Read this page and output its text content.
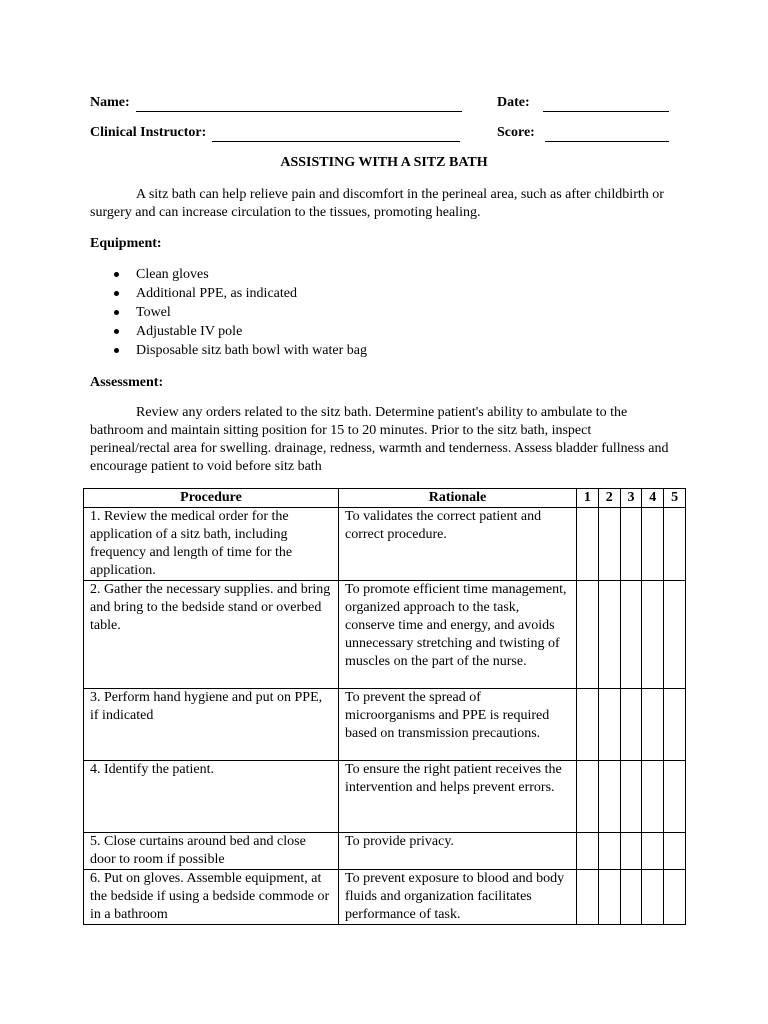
Name:	Date:
Clinical Instructor:	Score:
ASSISTING WITH A SITZ BATH

A sitz bath can help relieve pain and discomfort in the perineal area, such as after childbirth or surgery and can increase circulation to the tissues, promoting healing.

Equipment:
Clean gloves
Additional PPE, as indicated
Towel
Adjustable IV pole
Disposable sitz bath bowl with water bag
Assessment:

Review any orders related to the sitz bath. Determine patient's ability to ambulate to the bathroom and maintain sitting position for 15 to 20 minutes. Prior to the sitz bath, inspect perineal/rectal area for swelling. drainage, redness, warmth and tenderness. Assess bladder fullness and encourage patient to void before sitz bath

Procedure	Rationale	1	2	3	4	5
1. Review the medical order for the application of a sitz bath, including frequency and length of time for the application.	To validates the correct patient and correct procedure.					
2. Gather the necessary supplies. and bring and bring to the bedside stand or overbed table.	To promote efficient time management, organized approach to the task, conserve time and energy, and avoids unnecessary stretching and twisting of muscles on the part of the nurse.					
3. Perform hand hygiene and put on PPE, if indicated	To prevent the spread of microorganisms and PPE is required based on transmission precautions.					
4. Identify the patient.	To ensure the right patient receives the intervention and helps prevent errors.					
5. Close curtains around bed and close door to room if possible	To provide privacy.					
6. Put on gloves. Assemble equipment, at the bedside if using a bedside commode or in a bathroom	To prevent exposure to blood and body fluids and organization facilitates performance of task.					
